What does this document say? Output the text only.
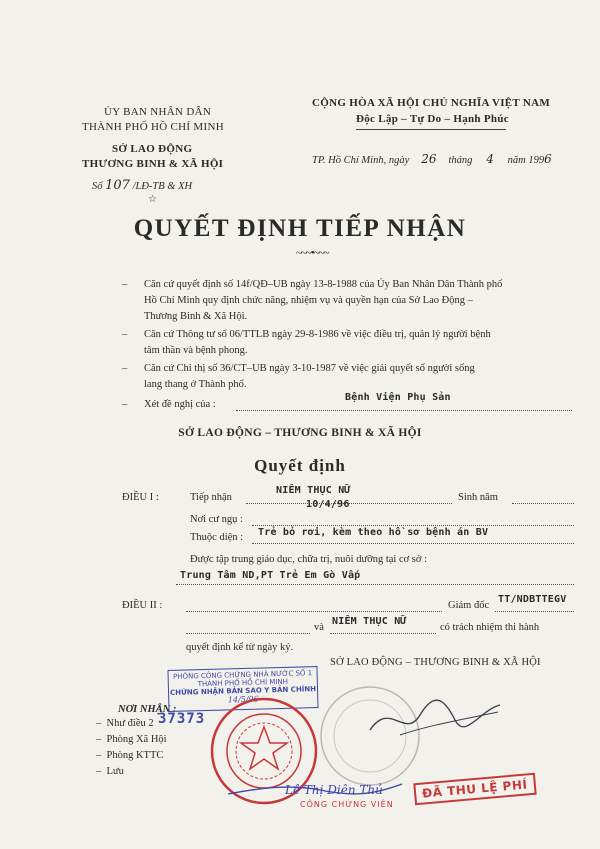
ỦY BAN NHÂN DÂN
THÀNH PHỐ HỒ CHÍ MINH
SỞ LAO ĐỘNG
THƯƠNG BINH & XÃ HỘI
Số 107 /LĐ-TB & XH
☆
CỘNG HÒA XÃ HỘI CHỦ NGHĨA VIỆT NAM
Độc Lập – Tự Do – Hạnh Phúc
TP. Hồ Chí Minh, ngày 26 tháng 4 năm 1996
QUYẾT ĐỊNH TIẾP NHẬN
~~~•~~~
– Căn cứ quyết định số 14f/QĐ–UB ngày 13-8-1988 của Ủy Ban Nhân Dân Thành phố
Hồ Chí Minh quy định chức năng, nhiệm vụ và quyền hạn của Sở Lao Động –
Thương Binh & Xã Hội.
– Căn cứ Thông tư số 06/TTLB ngày 29-8-1986 về việc điều trị, quản lý người bệnh
tâm thần và bệnh phong.
– Căn cứ Chỉ thị số 36/CT–UB ngày 3-10-1987 về việc giải quyết số người sống
lang thang ở Thành phố.
– Xét đề nghị của :
Bệnh Viện Phụ Sản
SỞ LAO ĐỘNG – THƯƠNG BINH & XÃ HỘI
Quyết định
ĐIỀU I :	Tiếp nhận
NIÊM THỤC NỮ
Sinh năm
10/4/96
Nơi cư ngụ :
Thuộc diện : Trẻ bỏ rơi, kèm theo hồ sơ bệnh án BV
Được tập trung giáo dục, chữa trị, nuôi dưỡng tại cơ sở :
Trung Tâm ND,PT Trẻ Em Gò Vấp
ĐIỀU II :	Giám đốc
TT/NDBTTEGV
và
NIÊM THỤC NỮ
có trách nhiệm thi hành
quyết định kể từ ngày ký.
SỞ LAO ĐỘNG – THƯƠNG BINH & XÃ HỘI
NƠI NHẬN :
–  Như điều 2
–  Phòng Xã Hội
–  Phòng KTTC
–  Lưu
PHÒNG CÔNG CHỨNG NHÀ NƯỚC SỐ 1
THÀNH PHỐ HỒ CHÍ MINH
CHỨNG NHẬN BẢN SAO Y BẢN CHÍNH
14/5/96
37373
Lê Thị Diên Thủ
CÔNG CHỨNG VIÊN
ĐÃ THU LỆ PHÍ
